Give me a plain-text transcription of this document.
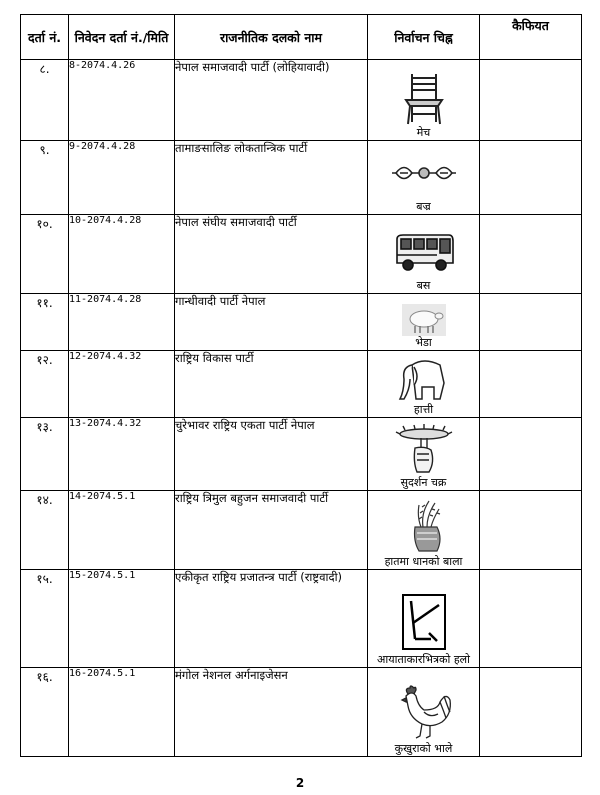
दर्ता नं.	निवेदन दर्ता नं./मिति	राजनीतिक दलको नाम	निर्वाचन चिह्न	कैफियत
८.	8-2074.4.26	नेपाल समाजवादी पार्टी (लोहियावादी)	मेच	

९.	9-2074.4.28	तामाङसालिङ लोकतान्त्रिक पार्टी	बज्र	

१०.	10-2074.4.28	नेपाल संघीय समाजवादी पार्टी	बस	

११.	11-2074.4.28	गान्धीवादी पार्टी नेपाल	भेडा	

१२.	12-2074.4.32	राष्ट्रिय विकास पार्टी	हात्ती	

१३.	13-2074.4.32	चुरेभावर राष्ट्रिय एकता पार्टी नेपाल	सुदर्शन चक्र	

१४.	14-2074.5.1	राष्ट्रिय त्रिमुल बहुजन समाजवादी पार्टी	हातमा धानको बाला	

१५.	15-2074.5.1	एकीकृत राष्ट्रिय प्रजातन्त्र पार्टी (राष्ट्रवादी)	आयाताकारभित्रको हलो	

१६.	16-2074.5.1	मंगोल नेशनल अर्गनाइजेसन	कुखुराको भाले	

2
